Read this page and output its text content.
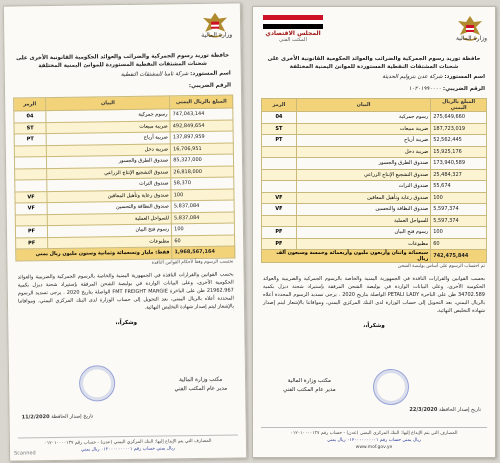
وزارة المالية
حافظة توريد رسوم الجمركية والضرائب والعوائد الحكومية القانونية الأخرى على شحنات المشتقات النفطية المستوردة للموانئ اليمنية المختلفة
اسم المستورد: شركة تامبا للمشتقات النفطية
الرقم الضريبي:
المبلغ بالريال اليمني	البيان	الرمز
747,043,144	رسوم جمركية	04
492,849,654	ضريبة مبيعات	ST
137,897,959	ضريبة أرباح	PT
16,706,951	ضريبة دخل	
85,327,000	صندوق الطرق والجسور	
26,818,000	صندوق التشجيع الإنتاج الزراعي	
58,370	صندوق التراث	
100	صندوق رعاية وتأهيل المعاقين	VF
5,837,084	صندوق النظافة والتحسين	VF
5,837,084	للسواحل العملية	
100	رسوم فتح البيان	PF
60	مطبوعات	PF
1,968,567,164	فقط: مليار وتسعمائة وثمانية وستون مليون ريال يمني	
تحتسب الرسوم وفقاً لأحكام القوانين النافذة
بحسب القوانين والقرارات النافذة في الجمهورية اليمنية والخاصة بالرسوم الجمركية والضريبية والعوائد الحكومية الأخرى، وعلى البيانات الواردة في بوليصة الشحن المرفقة بإستيراد شحنة ديزل بكمية 21962.967 طن على الباخرة FMT FREIGHT MARGIE الواصلة بتاريخ 2020 . يرجى تسديد الرسوم المحددة أعلاه بالريال اليمني، بعد التحويل إلى حساب الوزارة لدى البنك المركزي اليمني، وموافاتنا بالإشعار ليتم إصدار شهادة التخليص النهائية.
وشكراً،،
مكتب وزارة المالية
مدير عام المكتب الفني
تاريخ إصدار الحافظة 11/2/2020
المصارف التي يتم الإيداع إليها: البنك المركزي اليمني (عدن) - حساب رقم ٠١٢٠١٠٠٠٠١٣٧
ريال يمني حساب رقم ٠١٢٠٠٠٠٠٠٠٠٠١ ريال يمني
Scanned
وزارة المالية
المجلس الاقتصادي
المكتب الفني
حافظة توريد رسوم الجمركية والضرائب والعوائد الحكومية القانونية الأخرى على شحنات المشتقات النفطية المستوردة للموانئ اليمنية المختلفة
اسم المستورد: شركة عدن بتروليم الحديثة
الرقم الضريبي: ١٠٢٠١٩٩٠٠٠٠
المبلغ بالريال اليمني	البيان	الرمز
275,649,660	رسوم جمركية	04
187,723,019	ضريبة مبيعات	ST
52,562,445	ضريبة أرباح	PT
15,925,176	ضريبة دخل	
173,940,589	صندوق الطرق والجسور	
25,484,327	صندوق التشجيع الإنتاج الزراعي	
55,674	صندوق التراث	
100	صندوق رعاية وتأهيل المعاقين	VF
5,597,374	صندوق النظافة والتحسين	VF
5,597,374	للسواحل العملية	
100	رسوم فتح البيان	PF
60	مطبوعات	PF
742,475,844	سبعمائة واثنان وأربعون مليون وأربعمائة وخمسة وسبعون ألف ريال	
تم احتساب الرسوم على أساس بوليصة الشحن
بحسب القوانين والقرارات النافذة في الجمهورية اليمنية والخاصة بالرسوم الجمركية والضريبية والعوائد الحكومية الأخرى، وعلى البيانات الواردة في بوليصة الشحن المرفقة بإستيراد شحنة ديزل بكمية 34702.589 طن على الباخرة PETALI LADY الواصلة بتاريخ 2020 . يرجى تسديد الرسوم المحددة أعلاه بالريال اليمني، بعد التحويل إلى حساب الوزارة لدى البنك المركزي اليمني، وموافاتنا بالإشعار ليتم إصدار شهادة التخليص النهائية.
وشكراً،،
مكتب وزارة المالية
مدير عام المكتب الفني
تاريخ إصدار الحافظة 22/3/2020
المصارف التي يتم الإيداع إليها: البنك المركزي اليمني (عدن) - حساب رقم ٠١٢٠١٠٠٠٠١٣٧
ريال يمني حساب رقم ٠١٢٠٠٠٠٠٠٠٠٠١ ريال يمني
www.mof.gov.ye
